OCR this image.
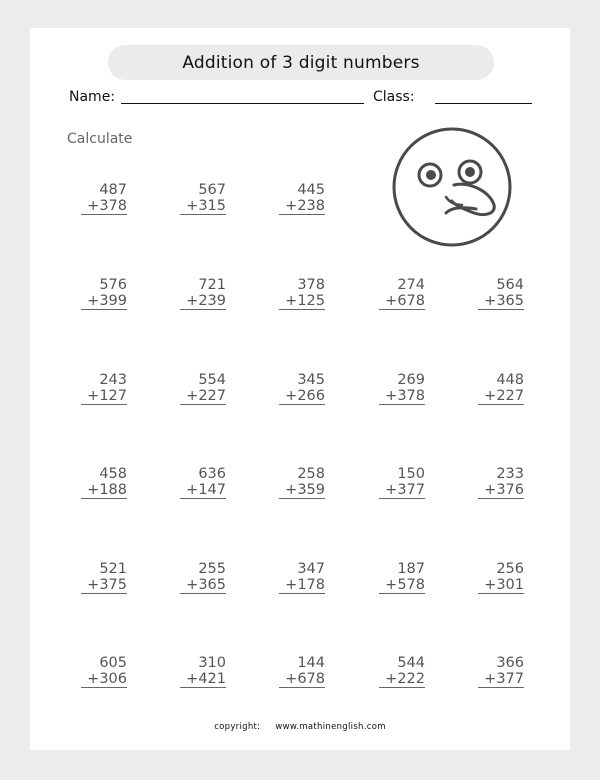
Addition of 3 digit numbers
Name:	Class:
Calculate
487
+378
567
+315
445
+238
576
+399
721
+239
378
+125
274
+678
564
+365
243
+127
554
+227
345
+266
269
+378
448
+227
458
+188
636
+147
258
+359
150
+377
233
+376
521
+375
255
+365
347
+178
187
+578
256
+301
605
+306
310
+421
144
+678
544
+222
366
+377
copyright: www.mathinenglish.com
